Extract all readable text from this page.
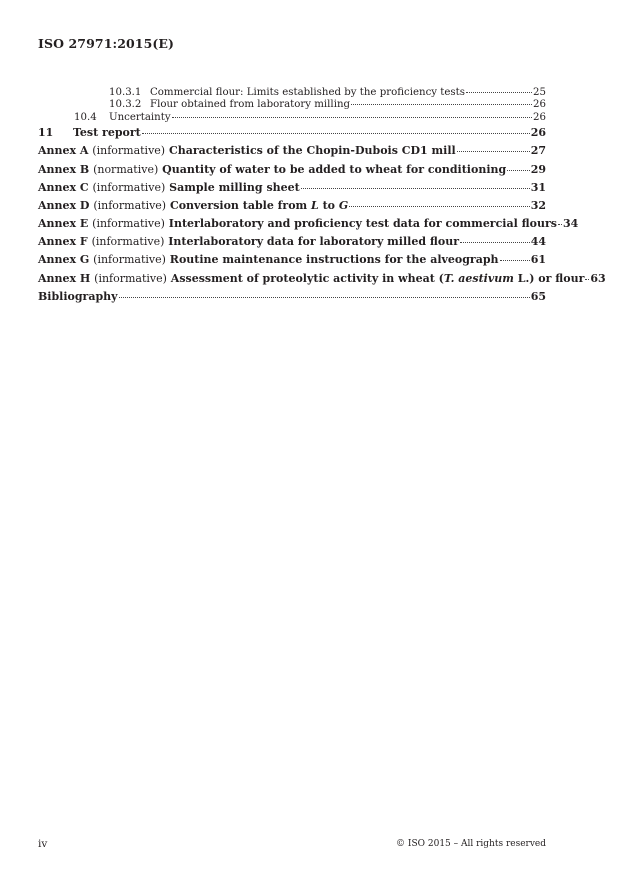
ISO 27971:2015(E)
10.3.1 Commercial flour: Limits established by the proficiency tests	25
10.3.2 Flour obtained from laboratory milling	26
10.4	Uncertainty	26
11	Test report	26
Annex A (informative) Characteristics of the Chopin-Dubois CD1 mill	27
Annex B (normative) Quantity of water to be added to wheat for conditioning 29
Annex C (informative) Sample milling sheet	31
Annex D (informative) Conversion table from L to G	32
Annex E (informative) Interlaboratory and proficiency test data for commercial flours 34
Annex F (informative) Interlaboratory data for laboratory milled flour	44
Annex G (informative) Routine maintenance instructions for the alveograph	61
Annex H (informative) Assessment of proteolytic activity in wheat (T. aestivum L.) or flour 63
Bibliography	65
iv	© ISO 2015 – All rights reserved
